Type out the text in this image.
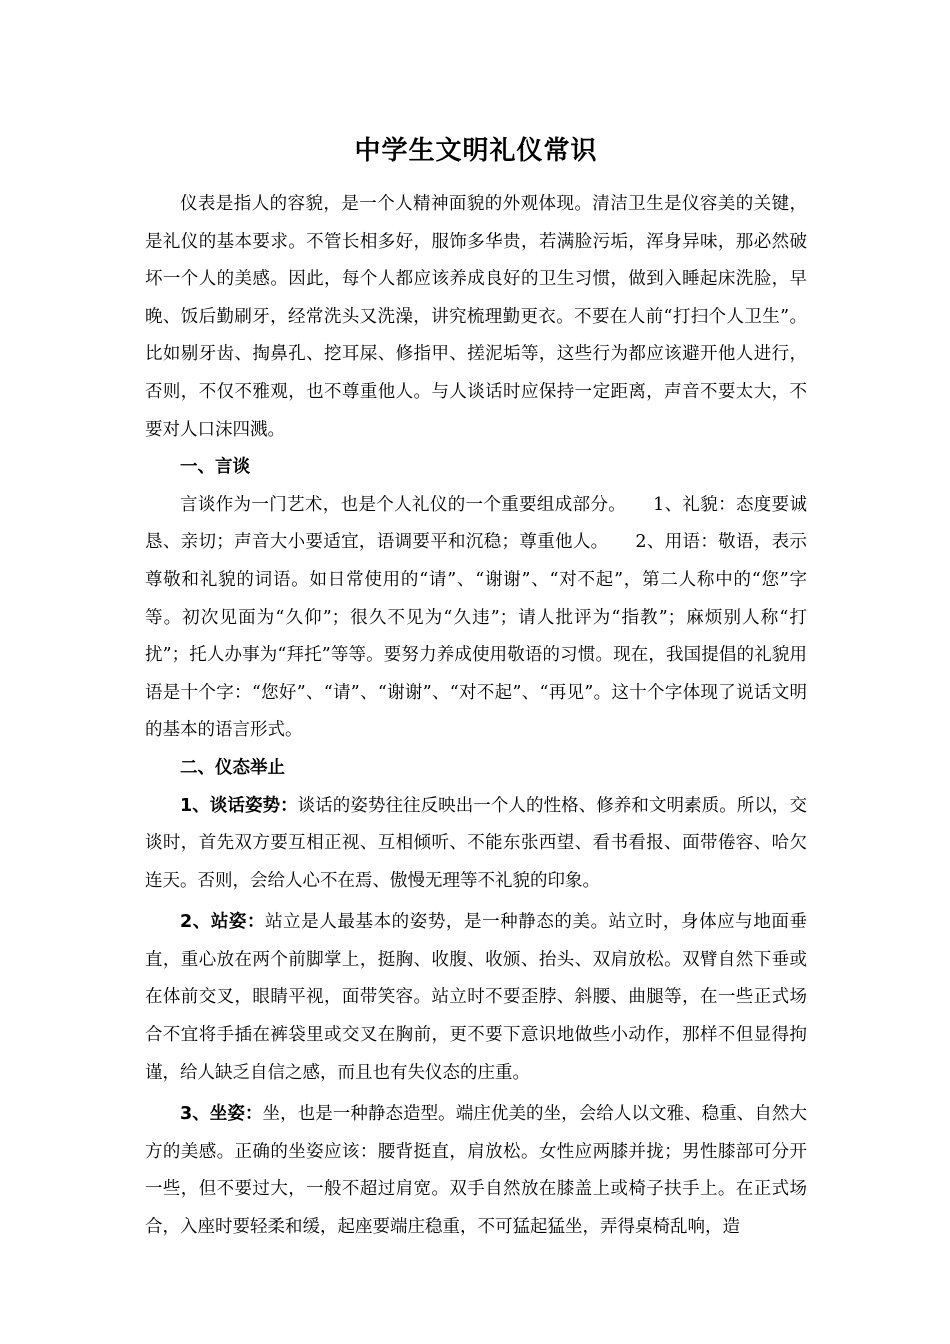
中学生文明礼仪常识

仪表是指人的容貌，是一个人精神面貌的外观体现。清洁卫生是仪容美的关键，是礼仪的基本要求。不管长相多好，服饰多华贵，若满脸污垢，浑身异味，那必然破坏一个人的美感。因此，每个人都应该养成良好的卫生习惯，做到入睡起床洗脸，早晚、饭后勤刷牙，经常洗头又洗澡，讲究梳理勤更衣。不要在人前“打扫个人卫生”。比如剔牙齿、掏鼻孔、挖耳屎、修指甲、搓泥垢等，这些行为都应该避开他人进行，否则，不仅不雅观，也不尊重他人。与人谈话时应保持一定距离，声音不要太大，不要对人口沫四溅。

一、言谈

言谈作为一门艺术，也是个人礼仪的一个重要组成部分。　　1、礼貌：态度要诚恳、亲切；声音大小要适宜，语调要平和沉稳；尊重他人。　　2、用语：敬语，表示尊敬和礼貌的词语。如日常使用的“请”、“谢谢”、“对不起”，第二人称中的“您”字等。初次见面为“久仰”；很久不见为“久违”；请人批评为“指教”；麻烦别人称“打扰”；托人办事为“拜托”等等。要努力养成使用敬语的习惯。现在，我国提倡的礼貌用语是十个字：“您好”、“请”、“谢谢”、“对不起”、“再见”。这十个字体现了说话文明的基本的语言形式。

二、仪态举止

1、谈话姿势：谈话的姿势往往反映出一个人的性格、修养和文明素质。所以，交谈时，首先双方要互相正视、互相倾听、不能东张西望、看书看报、面带倦容、哈欠连天。否则，会给人心不在焉、傲慢无理等不礼貌的印象。

2、站姿：站立是人最基本的姿势，是一种静态的美。站立时，身体应与地面垂直，重心放在两个前脚掌上，挺胸、收腹、收颁、抬头、双肩放松。双臂自然下垂或在体前交叉，眼睛平视，面带笑容。站立时不要歪脖、斜腰、曲腿等，在一些正式场合不宜将手插在裤袋里或交叉在胸前，更不要下意识地做些小动作，那样不但显得拘谨，给人缺乏自信之感，而且也有失仪态的庄重。

3、坐姿：坐，也是一种静态造型。端庄优美的坐，会给人以文雅、稳重、自然大方的美感。正确的坐姿应该：腰背挺直，肩放松。女性应两膝并拢；男性膝部可分开一些，但不要过大，一般不超过肩宽。双手自然放在膝盖上或椅子扶手上。在正式场合，入座时要轻柔和缓，起座要端庄稳重，不可猛起猛坐，弄得桌椅乱响，造
